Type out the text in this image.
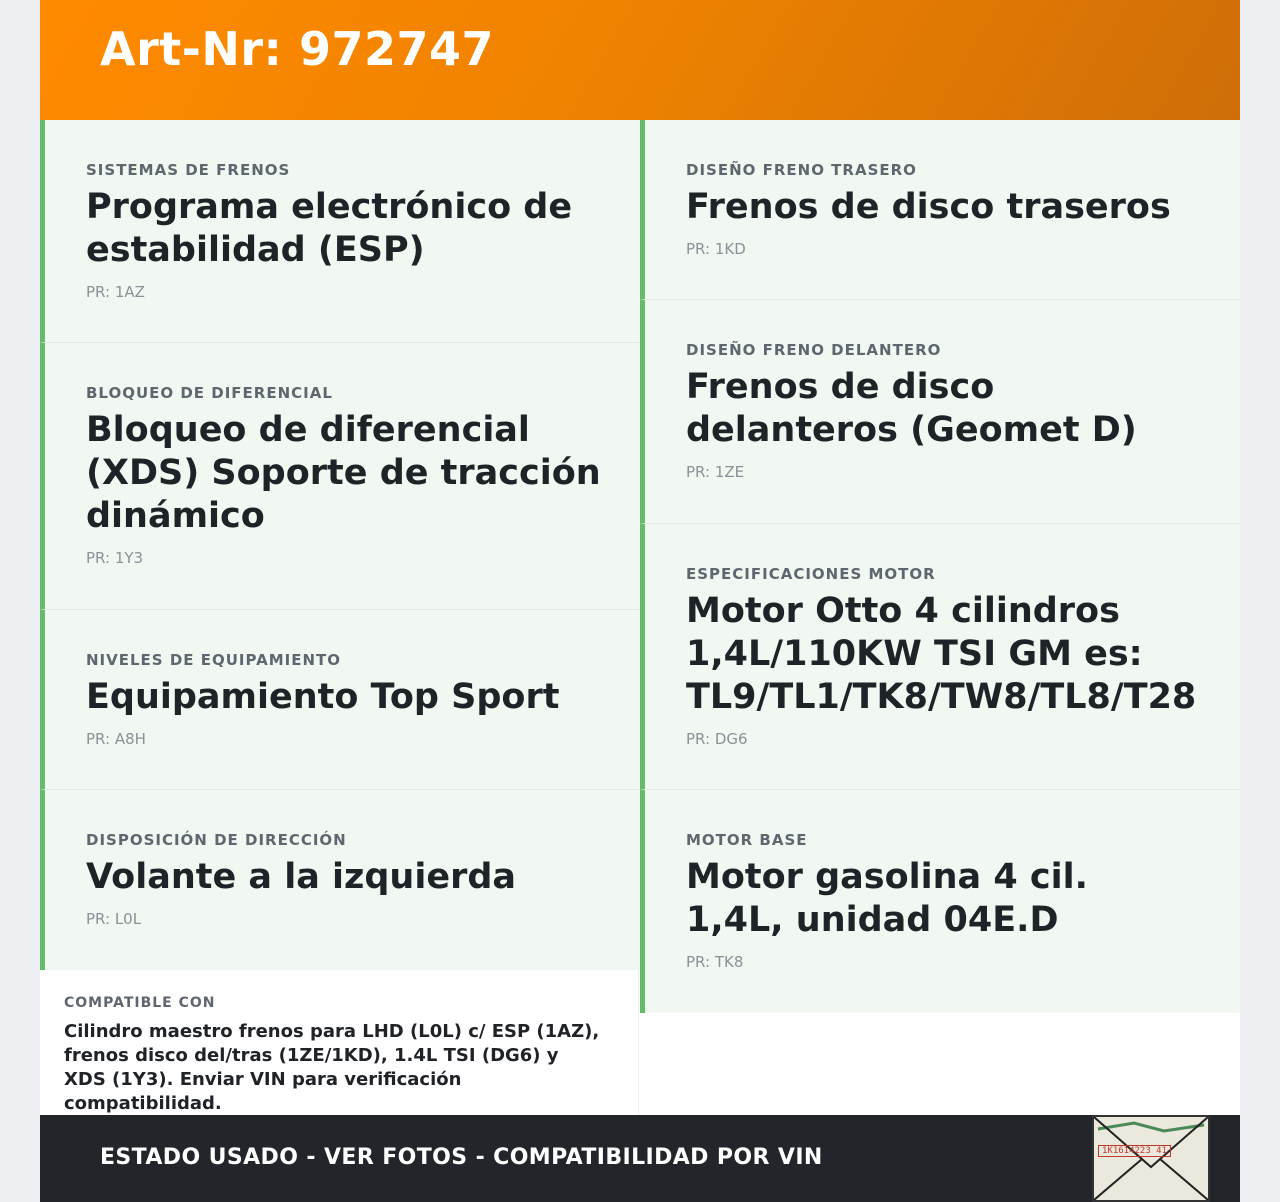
Art-Nr: 972747
SISTEMAS DE FRENOS
Programa electrónico de estabilidad (ESP)
PR: 1AZ
BLOQUEO DE DIFERENCIAL
Bloqueo de diferencial (XDS) Soporte de tracción dinámico
PR: 1Y3
NIVELES DE EQUIPAMIENTO
Equipamiento Top Sport
PR: A8H
DISPOSICIÓN DE DIRECCIÓN
Volante a la izquierda
PR: L0L
DISEÑO FRENO TRASERO
Frenos de disco traseros
PR: 1KD
DISEÑO FRENO DELANTERO
Frenos de disco delanteros (Geomet D)
PR: 1ZE
ESPECIFICACIONES MOTOR
Motor Otto 4 cilindros 1,4L/110KW TSI GM es: TL9/TL1/TK8/TW8/TL8/T28
PR: DG6
MOTOR BASE
Motor gasolina 4 cil. 1,4L, unidad 04E.D
PR: TK8
COMPATIBLE CON
Cilindro maestro frenos para LHD (L0L) c/ ESP (1AZ), frenos disco del/tras (1ZE/1KD), 1.4L TSI (DG6) y XDS (1Y3). Enviar VIN para verificación compatibilidad.
ESTADO USADO - VER FOTOS - COMPATIBILIDAD POR VIN	1K1614223 41
